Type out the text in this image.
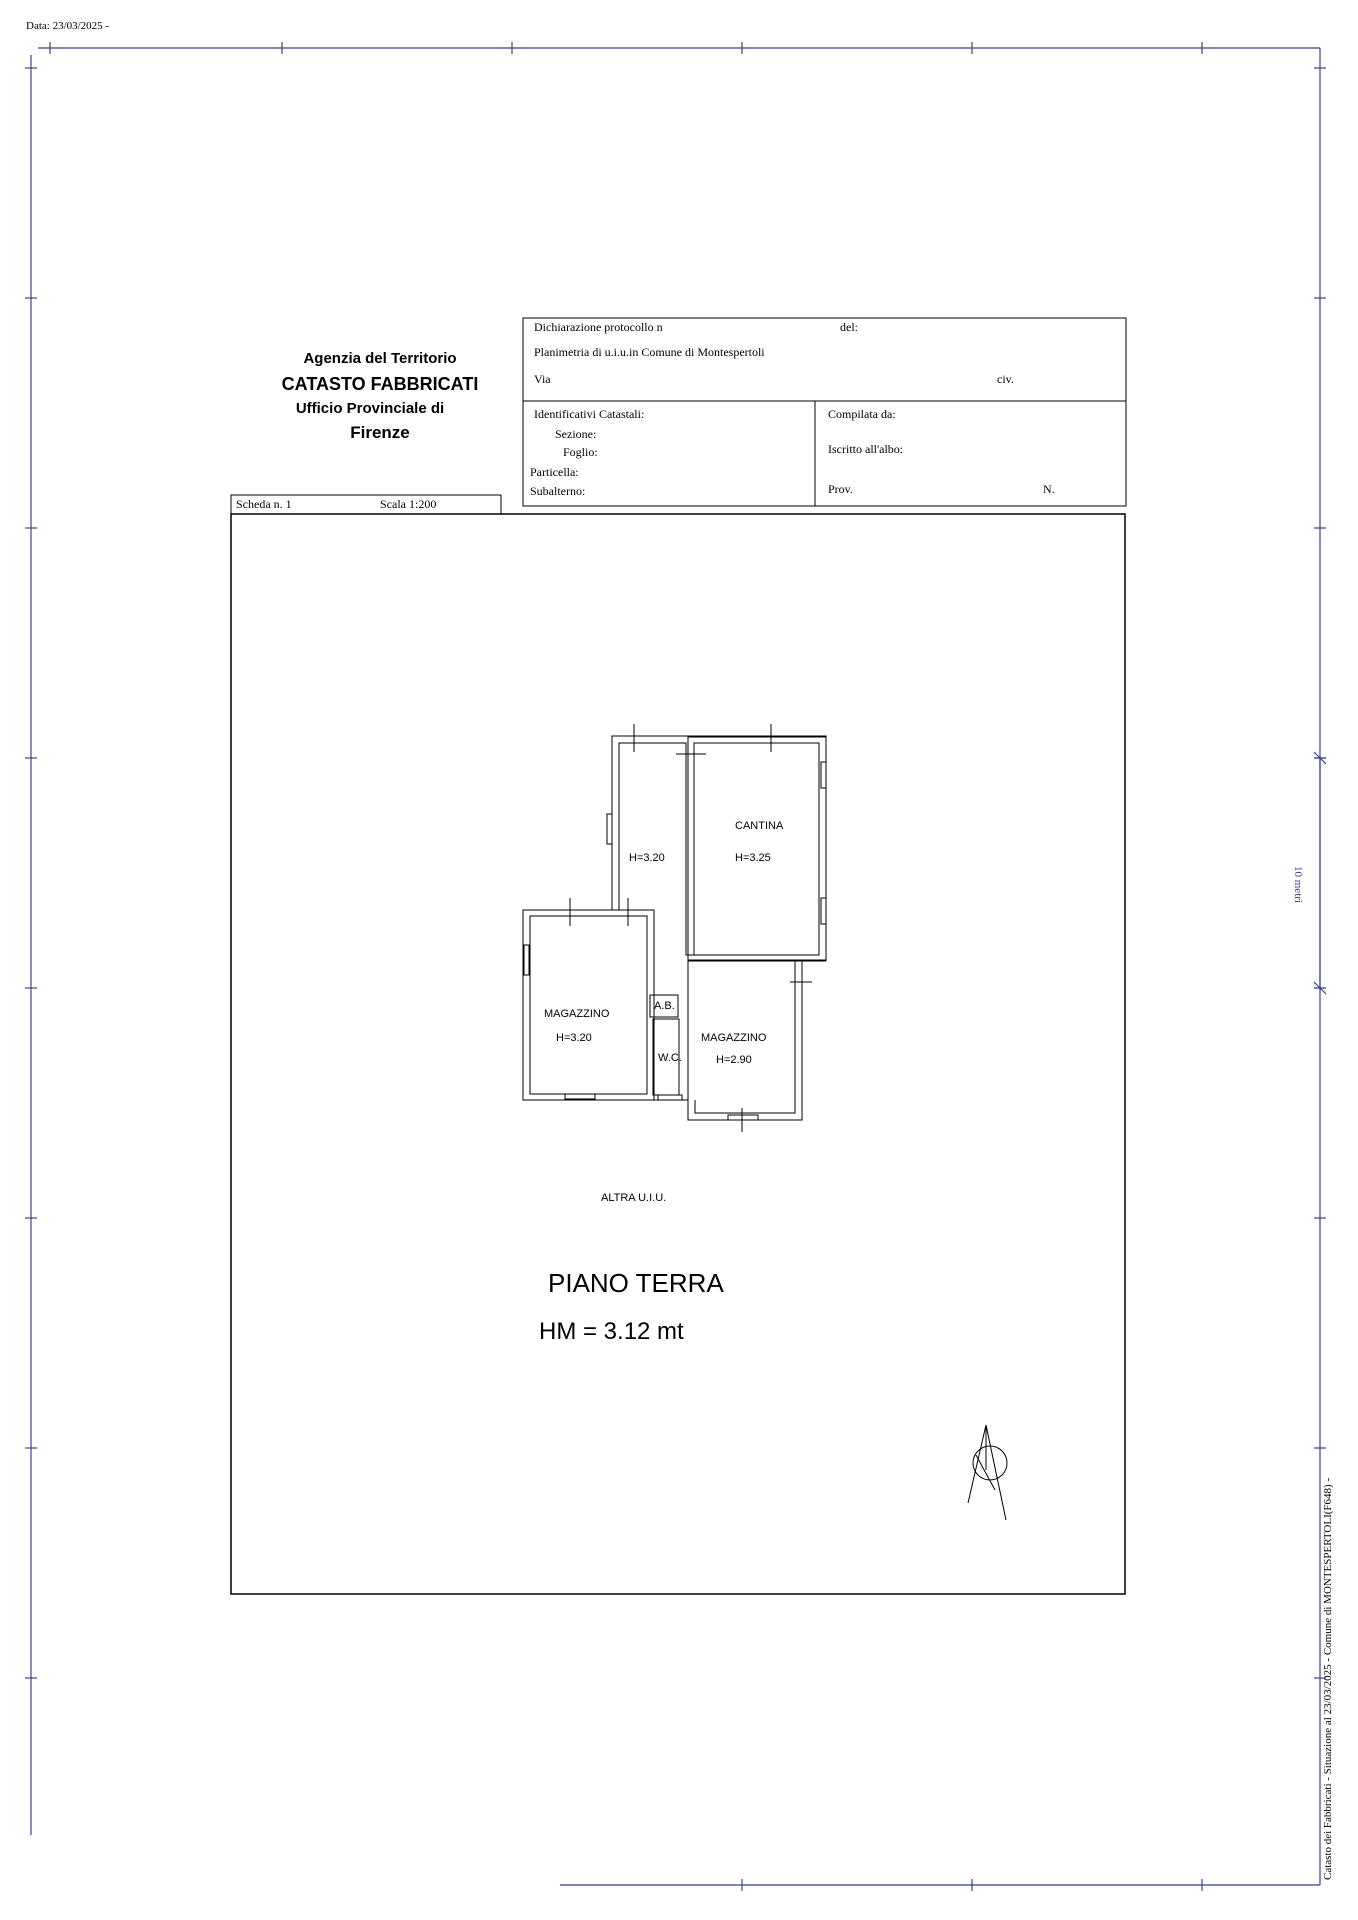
Data: 23/03/2025 -
Agenzia del Territorio
CATASTO FABBRICATI
Ufficio Provinciale di
Firenze
Dichiarazione protocollo n	del:
Planimetria di u.i.u.in Comune di Montespertoli
Via	civ.
Identificativi Catastali:
Sezione:
Foglio:
Particella:
Subalterno:
Compilata da:
Iscritto all'albo:
Prov.	N.
Scheda n. 1	Scala 1:200
H=3.20
CANTINA
H=3.25
MAGAZZINO
H=3.20
A.B.
W.C.
MAGAZZINO
H=2.90
ALTRA U.I.U.
PIANO TERRA
HM = 3.12 mt
10 metri
Catasto dei Fabbricati - Situazione al 23/03/2025 - Comune di MONTESPERTOLI(F648) -
